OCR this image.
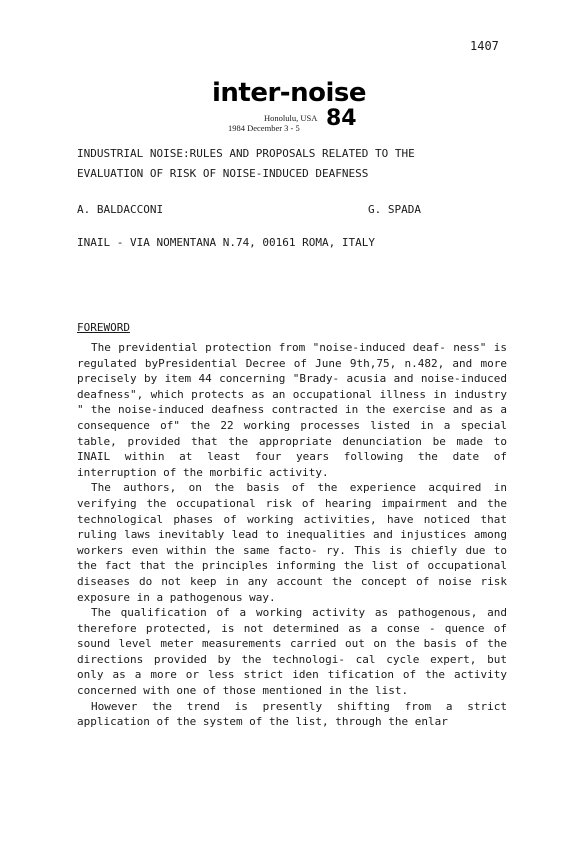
1407
inter-noise
Honolulu, USA
1984 December 3 - 5 84
INDUSTRIAL NOISE:RULES AND PROPOSALS RELATED TO THE
EVALUATION OF RISK OF NOISE-INDUCED DEAFNESS
A. BALDACCONI	G. SPADA
INAIL - VIA NOMENTANA N.74, 00161 ROMA, ITALY
FOREWORD

The previdential protection from "noise-induced deaf- ness" is regulated byPresidential Decree of June 9th,75, n.482, and more precisely by item 44 concerning "Brady- acusia and noise-induced deafness", which protects as an occupational illness in industry " the noise-induced deafness contracted in the exercise and as a consequence of" the 22 working processes listed in a special table, provided that the appropriate denunciation be made to INAIL within at least four years following the date of interruption of the morbific activity.

The authors, on the basis of the experience acquired in verifying the occupational risk of hearing impairment and the technological phases of working activities, have noticed that ruling laws inevitably lead to inequalities and injustices among workers even within the same facto- ry. This is chiefly due to the fact that the principles informing the list of occupational diseases do not keep in any account the concept of noise risk exposure in a pathogenous way.

The qualification of a working activity as pathogenous, and therefore protected, is not determined as a conse - quence of sound level meter measurements carried out on the basis of the directions provided by the technologi- cal cycle expert, but only as a more or less strict iden tification of the activity concerned with one of those mentioned in the list.

However the trend is presently shifting from a strict application of the system of the list, through the enlar
